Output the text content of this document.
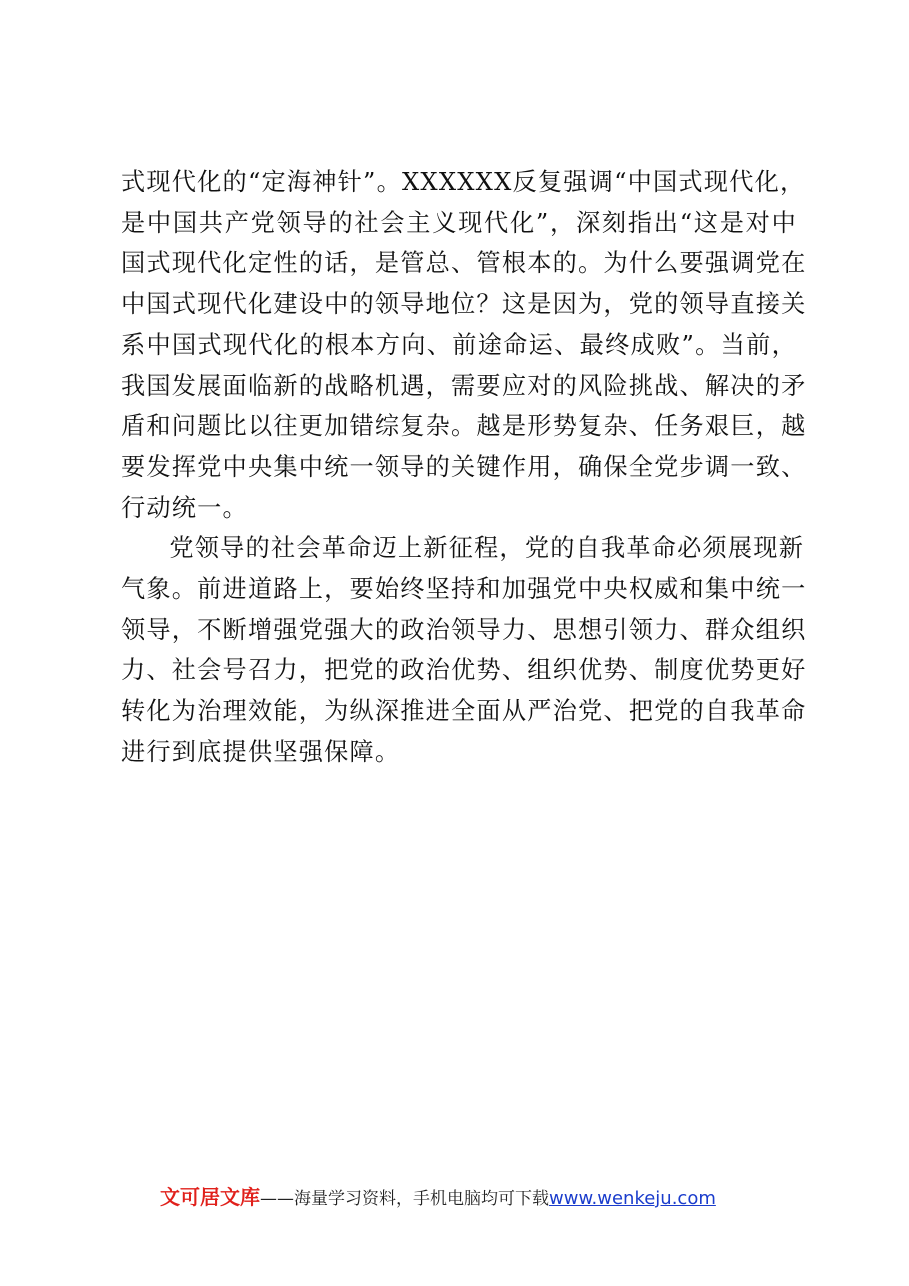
式现代化的“定海神针”。XXXXXX反复强调“中国式现代化，
是中国共产党领导的社会主义现代化”，深刻指出“这是对中
国式现代化定性的话，是管总、管根本的。为什么要强调党在
中国式现代化建设中的领导地位？这是因为，党的领导直接关
系中国式现代化的根本方向、前途命运、最终成败”。当前，
我国发展面临新的战略机遇，需要应对的风险挑战、解决的矛
盾和问题比以往更加错综复杂。越是形势复杂、任务艰巨，越
要发挥党中央集中统一领导的关键作用，确保全党步调一致、
行动统一。

党领导的社会革命迈上新征程，党的自我革命必须展现新
气象。前进道路上，要始终坚持和加强党中央权威和集中统一
领导，不断增强党强大的政治领导力、思想引领力、群众组织
力、社会号召力，把党的政治优势、组织优势、制度优势更好
转化为治理效能，为纵深推进全面从严治党、把党的自我革命
进行到底提供坚强保障。

文可居文库——海量学习资料，手机电脑均可下载www.wenkeju.com
